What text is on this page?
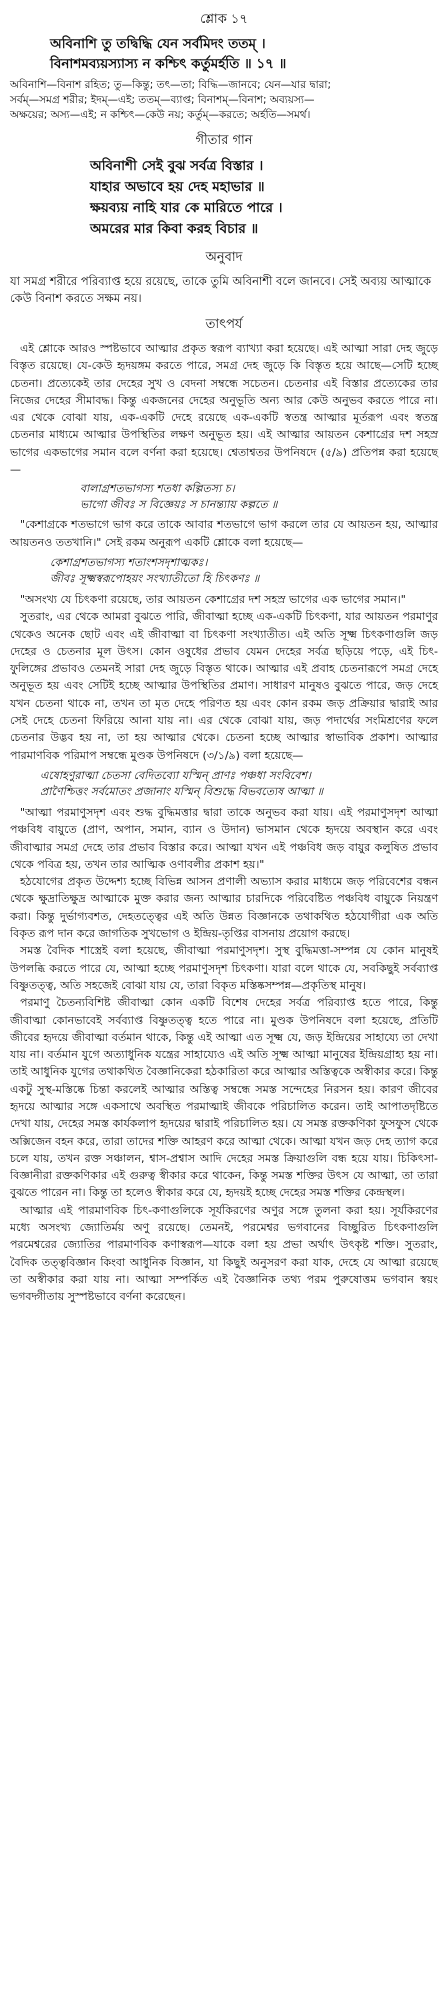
শ্লোক ১৭
অবিনাশি তু তদ্বিদ্ধি যেন সর্বমিদং ততম্ ।
বিনাশমব্যয়স্যাস্য ন কশ্চিৎ কর্তুমর্হতি ॥ ১৭ ॥
অবিনাশি—বিনাশ রহিত; তু—কিন্তু; তৎ—তা; বিদ্ধি—জানবে; যেন—যার দ্বারা;
সর্বম্—সমগ্র শরীর; ইদম্—এই; ততম্—ব্যাপ্ত; বিনাশম্—বিনাশ; অব্যয়স্য—
অক্ষয়ের; অস্য—এই; ন কশ্চিৎ—কেউ নয়; কর্তুম্—করতে; অর্হতি—সমর্থ।
গীতার গান
অবিনাশী সেই বুঝ সর্বত্র বিস্তার ।
যাহার অভাবে হয় দেহ মহাভার ॥
ক্ষয়ব্যয় নাহি যার কে মারিতে পারে ।
অমরের মার কিবা করহ বিচার ॥
অনুবাদ
যা সমগ্র শরীরে পরিব্যাপ্ত হয়ে রয়েছে, তাকে তুমি অবিনাশী বলে জানবে। সেই অব্যয় আত্মাকে কেউ বিনাশ করতে সক্ষম নয়।
তাৎপর্য

এই শ্লোকে আরও স্পষ্টভাবে আত্মার প্রকৃত স্বরূপ ব্যাখ্যা করা হয়েছে। এই আত্মা সারা দেহ জুড়ে বিস্তৃত রয়েছে। যে-কেউ হৃদয়ঙ্গম করতে পারে, সমগ্র দেহ জুড়ে কি বিস্তৃত হয়ে আছে—সেটি হচ্ছে চেতনা। প্রত্যেকেই তার দেহের সুখ ও বেদনা সম্বন্ধে সচেতন। চেতনার এই বিস্তার প্রত্যেকের তার নিজের দেহের সীমাবদ্ধ। কিন্তু একজনের দেহের অনুভূতি অন্য আর কেউ অনুভব করতে পারে না। এর থেকে বোঝা যায়, এক-একটি দেহে রয়েছে এক-একটি স্বতন্ত্র আত্মার মূর্তরূপ এবং স্বতন্ত্র চেতনার মাধ্যমে আত্মার উপস্থিতির লক্ষণ অনুভূত হয়। এই আত্মার আয়তন কেশাগ্রের দশ সহস্র ভাগের একভাগের সমান বলে বর্ণনা করা হয়েছে। শ্বেতাশ্বতর উপনিষদে (৫/৯) প্রতিপন্ন করা হয়েছে—

বালাগ্রশতভাগস্য শতধা কল্পিতস্য চ।
ভাগো জীবঃ স বিজ্ঞেয়ঃ স চানন্ত্যায় কল্পতে ॥

"কেশাগ্রকে শতভাগে ভাগ করে তাকে আবার শতভাগে ভাগ করলে তার যে আয়তন হয়, আত্মার আয়তনও ততখানি।" সেই রকম অনুরূপ একটি শ্লোকে বলা হয়েছে—

কেশাগ্রশতভাগস্য শতাংশসদৃশাত্মকঃ।
জীবঃ সূক্ষ্মস্বরূপোহয়ং সংখ্যাতীতো হি চিৎকণঃ ॥

"অসংখ্য যে চিৎকণা রয়েছে, তার আয়তন কেশাগ্রের দশ সহস্র ভাগের এক ভাগের সমান।"

সুতরাং, এর থেকে আমরা বুঝতে পারি, জীবাত্মা হচ্ছে এক-একটি চিৎকণা, যার আয়তন পরমাণুর থেকেও অনেক ছোট এবং এই জীবাত্মা বা চিৎকণা সংখ্যাতীত। এই অতি সূক্ষ্ম চিৎকণাগুলি জড় দেহের ও চেতনার মূল উৎস। কোন ওষুধের প্রভাব যেমন দেহের সর্বত্র ছড়িয়ে পড়ে, এই চিৎ-ফুলিঙ্গের প্রভাবও তেমনই সারা দেহ জুড়ে বিস্তৃত থাকে। আত্মার এই প্রবাহ চেতনারূপে সমগ্র দেহে অনুভূত হয় এবং সেটিই হচ্ছে আত্মার উপস্থিতির প্রমাণ। সাধারণ মানুষও বুঝতে পারে, জড় দেহে যখন চেতনা থাকে না, তখন তা মৃত দেহে পরিণত হয় এবং কোন রকম জড় প্রক্রিয়ার দ্বারাই আর সেই দেহে চেতনা ফিরিয়ে আনা যায় না। এর থেকে বোঝা যায়, জড় পদার্থের সংমিশ্রণের ফলে চেতনার উদ্ভব হয় না, তা হয় আত্মার থেকে। চেতনা হচ্ছে আত্মার স্বাভাবিক প্রকাশ। আত্মার পারমাণবিক পরিমাপ সম্বন্ধে মুণ্ডক উপনিষদে (৩/১/৯) বলা হয়েছে—

এষোহণুরাত্মা চেতসা বেদিতব্যো যস্মিন্ প্রাণঃ পঞ্চধা সংবিবেশ।
প্রাণৈশ্চিত্তং সর্বমোতং প্রজানাং যস্মিন্ বিশুদ্ধে বিভবত্যেষ আত্মা ॥

"আত্মা পরমাণুসদৃশ এবং শুদ্ধ বুদ্ধিমত্তার দ্বারা তাকে অনুভব করা যায়। এই পরমাণুসদৃশ আত্মা পঞ্চবিধ বায়ুতে (প্রাণ, অপান, সমান, ব্যান ও উদান) ভাসমান থেকে হৃদয়ে অবস্থান করে এবং জীবাত্মার সমগ্র দেহে তার প্রভাব বিস্তার করে। আত্মা যখন এই পঞ্চবিধ জড় বায়ুর কলুষিত প্রভাব থেকে পবিত্র হয়, তখন তার আত্মিক ওণাবলীর প্রকাশ হয়।"

হঠযোগের প্রকৃত উদ্দেশ্য হচ্ছে বিভিন্ন আসন প্রণালী অভ্যাস করার মাধ্যমে জড় পরিবেশের বন্ধন থেকে ক্ষুদ্রাতিক্ষুদ্র আত্মাকে মুক্ত করার জন্য আত্মার চারদিকে পরিবেষ্টিত পঞ্চবিধ বায়ুকে নিয়ন্ত্রণ করা। কিন্তু দুর্ভাগ্যবশত, দেহতত্ত্বের এই অতি উন্নত বিজ্ঞানকে তথাকথিত হঠযোগীরা এক অতি বিকৃত রূপ দান করে জাগতিক সুখভোগ ও ইন্দ্রিয়-তৃপ্তির বাসনায় প্রয়োগ করছে।

সমস্ত বৈদিক শাস্ত্রেই বলা হয়েছে, জীবাত্মা পরমাণুসদৃশ। সুস্থ বুদ্ধিমত্তা-সম্পন্ন যে কোন মানুষই উপলব্ধি করতে পারে যে, আত্মা হচ্ছে পরমাণুসদৃশ চিৎকণা। যারা বলে থাকে যে, সবকিছুই সর্বব্যাপ্ত বিষ্ণুতত্ত্ব, অতি সহজেই বোঝা যায় যে, তারা বিকৃত মস্তিষ্কসম্পন্ন—প্রকৃতিস্থ মানুষ।

পরমাণু চৈতন্যবিশিষ্ট জীবাত্মা কোন একটি বিশেষ দেহের সর্বত্র পরিব্যাপ্ত হতে পারে, কিন্তু জীবাত্মা কোনভাবেই সর্বব্যাপ্ত বিষ্ণুতত্ত্ব হতে পারে না। মুণ্ডক উপনিষদে বলা হয়েছে, প্রতিটি জীবের হৃদয়ে জীবাত্মা বর্তমান থাকে, কিন্তু এই আত্মা এত সূক্ষ্ম যে, জড় ইন্দ্রিয়ের সাহায্যে তা দেখা যায় না। বর্তমান যুগে অত্যাধুনিক যন্ত্রের সাহায্যেও এই অতি সূক্ষ্ম আত্মা মানুষের ইন্দ্রিয়গ্রাহ্য হয় না। তাই আধুনিক যুগের তথাকথিত বৈজ্ঞানিকেরা হঠকারিতা করে আত্মার অস্তিত্বকে অস্বীকার করে। কিন্তু একটু সুস্থ-মস্তিষ্কে চিন্তা করলেই আত্মার অস্তিত্ব সম্বন্ধে সমস্ত সন্দেহের নিরসন হয়। কারণ জীবের হৃদয়ে আত্মার সঙ্গে একসাথে অবস্থিত পরমাত্মাই জীবকে পরিচালিত করেন। তাই আপাতদৃষ্টিতে দেখা যায়, দেহের সমস্ত কার্যকলাপ হৃদয়ের দ্বারাই পরিচালিত হয়। যে সমস্ত রক্তকণিকা ফুসফুস থেকে অক্সিজেন বহন করে, তারা তাদের শক্তি আহরণ করে আত্মা থেকে। আত্মা যখন জড় দেহ ত্যাগ করে চলে যায়, তখন রক্ত সঞ্চালন, শ্বাস-প্রশ্বাস আদি দেহের সমস্ত ক্রিয়াগুলি বন্ধ হয়ে যায়। চিকিৎসা-বিজ্ঞানীরা রক্তকণিকার এই গুরুত্ব স্বীকার করে থাকেন, কিন্তু সমস্ত শক্তির উৎস যে আত্মা, তা তারা বুঝতে পারেন না। কিন্তু তা হলেও স্বীকার করে যে, হৃদয়ই হচ্ছে দেহের সমস্ত শক্তির কেন্দ্রস্থল।

আত্মার এই পারমাণবিক চিৎ-কণাগুলিকে সূর্যকিরণের অণুর সঙ্গে তুলনা করা হয়। সূর্যকিরণের মধ্যে অসংখ্য জ্যোতির্ময় অণু রয়েছে। তেমনই, পরমেশ্বর ভগবানের বিচ্ছুরিত চিৎকণাগুলি পরমেশ্বরের জ্যোতির পারমাণবিক কণাস্বরূপ—যাকে বলা হয় প্রভা অর্থাৎ উৎকৃষ্ট শক্তি। সুতরাং, বৈদিক তত্ত্ববিজ্ঞান কিংবা আধুনিক বিজ্ঞান, যা কিছুই অনুসরণ করা যাক, দেহে যে আত্মা রয়েছে তা অস্বীকার করা যায় না। আত্মা সম্পর্কিত এই বৈজ্ঞানিক তথ্য পরম পুরুষোত্তম ভগবান স্বয়ং ভগবদ্গীতায় সুস্পষ্টভাবে বর্ণনা করেছেন।
